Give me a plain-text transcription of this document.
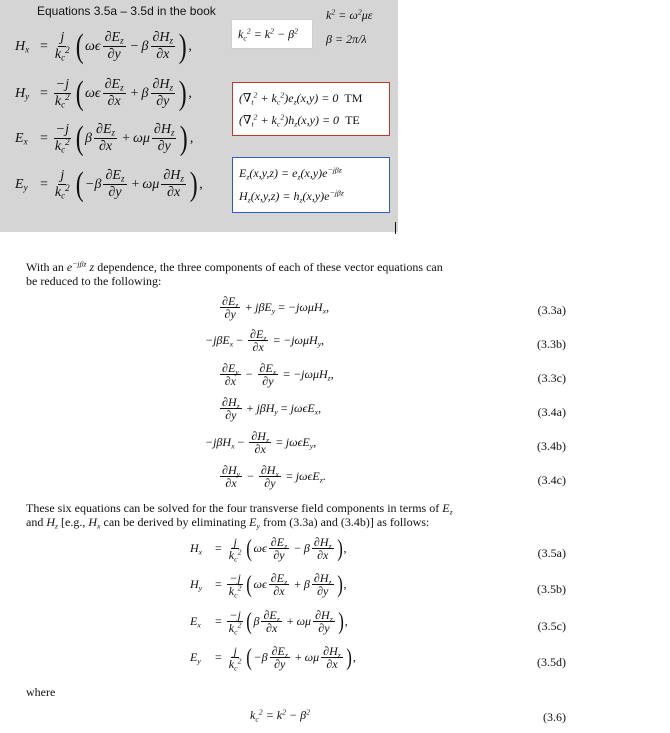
Equations 3.5a – 3.5d in the book
$H_x = \frac{j}{k_c^2}$ ( ωϵ $\frac{\partial E_z}{\partial y} - \beta \frac{\partial H_z}{\partial x}$ ) ,
$H_y = \frac{-j}{k_c^2}$ ( ωϵ $\frac{\partial E_z}{\partial x} + \beta \frac{\partial H_z}{\partial y}$ ) ,
$E_x = \frac{-j}{k_c^2}$ ( β $\frac{\partial E_z}{\partial x} + \omega\mu \frac{\partial H_z}{\partial y}$ ) ,
$E_y = \frac{j}{k_c^2}$ ( $-\beta \frac{\partial E_z}{\partial y} + \omega\mu \frac{\partial H_z}{\partial x}$ ) ,
$k_c^2 = k^2 - \beta^2$
$k^2 = \omega^2\mu\varepsilon$
β = 2π/λ
$(\nabla_t^2 + k_c^2)e_z(x,y) = 0$ TM
$(\nabla_t^2 + k_c^2)h_z(x,y) = 0$ TE
$E_z(x,y,z) = e_z(x,y)e^{-j\beta z}$
$H_z(x,y,z) = h_z(x,y)e^{-j\beta z}$
With an $e^{-j\beta z}$ z dependence, the three components of each of these vector equations can
be reduced to the following:
$\frac{\partial E_z}{\partial y} + j\beta E_y = -j\omega\mu H_x$ ,	(3.3a)
$-j\beta E_x - \frac{\partial E_z}{\partial x} = -j\omega\mu H_y$ ,	(3.3b)
$\frac{\partial E_y}{\partial x} - \frac{\partial E_x}{\partial y} = -j\omega\mu H_z$ ,	(3.3c)
$\frac{\partial H_z}{\partial y} + j\beta H_y = j\omega\epsilon E_x$ ,	(3.4a)
$-j\beta H_x - \frac{\partial H_z}{\partial x} = j\omega\epsilon E_y$ ,	(3.4b)
$\frac{\partial H_y}{\partial x} - \frac{\partial H_x}{\partial y} = j\omega\epsilon E_z$ .	(3.4c)
These six equations can be solved for the four transverse field components in terms of $E_z$
and $H_z$ [e.g., $H_x$ can be derived by eliminating $E_y$ from (3.3a) and (3.4b)] as follows:
$H_x$	= $\frac{j}{k_c^2}$ ( ωϵ $\frac{\partial E_z}{\partial y} - \beta \frac{\partial H_z}{\partial x}$ ) ,	(3.5a)
$H_y$	= $\frac{-j}{k_c^2}$ ( ωϵ $\frac{\partial E_z}{\partial x} + \beta \frac{\partial H_z}{\partial y}$ ) ,	(3.5b)
$E_x$	= $\frac{-j}{k_c^2}$ ( β $\frac{\partial E_z}{\partial x} + \omega\mu \frac{\partial H_z}{\partial y}$ ) ,	(3.5c)
$E_y$	= $\frac{j}{k_c^2}$ ( $-\beta \frac{\partial E_z}{\partial y} + \omega\mu \frac{\partial H_z}{\partial x}$ ) ,	(3.5d)
where
$k_c^2 = k^2 - \beta^2$	(3.6)
